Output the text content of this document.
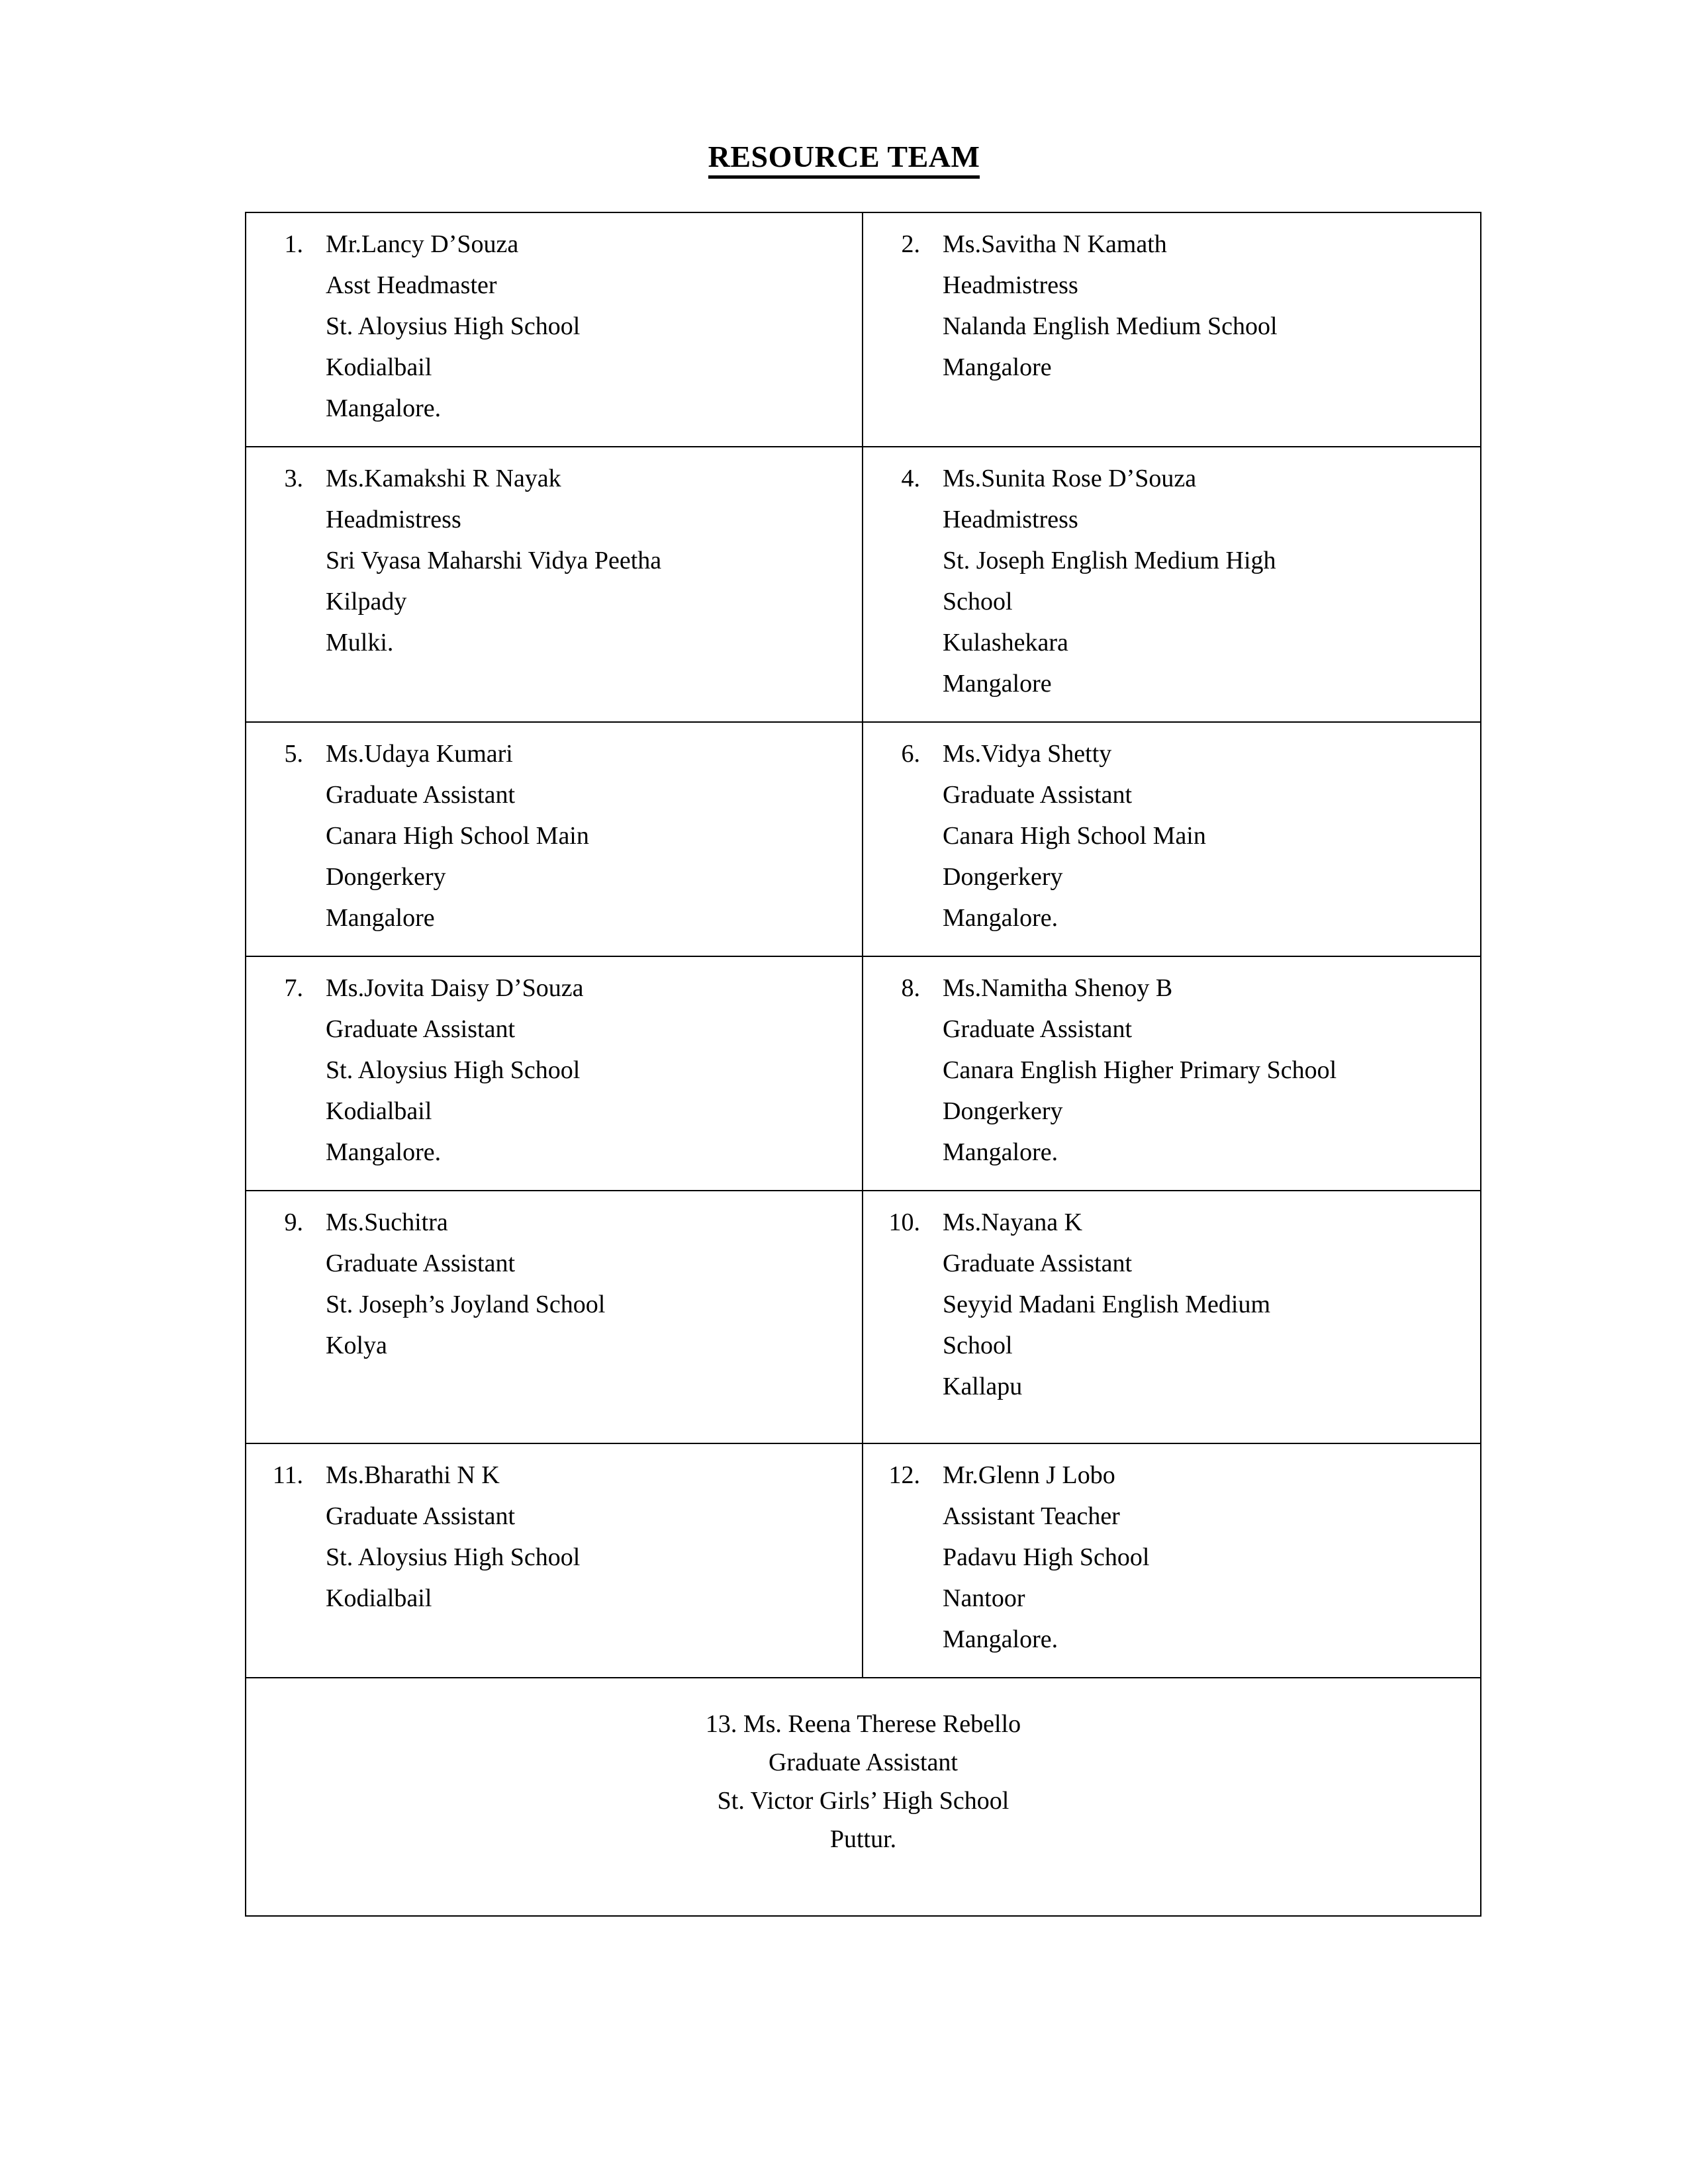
RESOURCE TEAM
1. Mr.Lancy D’Souza
Asst Headmaster
St. Aloysius High School
Kodialbail
Mangalore.

2. Ms.Savitha N Kamath
Headmistress
Nalanda English Medium School
Mangalore

3. Ms.Kamakshi R Nayak
Headmistress
Sri Vyasa Maharshi Vidya Peetha
Kilpady
Mulki.

4. Ms.Sunita Rose D’Souza
Headmistress
St. Joseph English Medium High
School
Kulashekara
Mangalore

5. Ms.Udaya Kumari
Graduate Assistant
Canara High School Main
Dongerkery
Mangalore

6. Ms.Vidya Shetty
Graduate Assistant
Canara High School Main
Dongerkery
Mangalore.

7. Ms.Jovita Daisy D’Souza
Graduate Assistant
St. Aloysius High School
Kodialbail
Mangalore.

8. Ms.Namitha Shenoy B
Graduate Assistant
Canara English Higher Primary School
Dongerkery
Mangalore.

9. Ms.Suchitra
Graduate Assistant
St. Joseph’s Joyland School
Kolya

10. Ms.Nayana K
Graduate Assistant
Seyyid Madani English Medium
School
Kallapu

11. Ms.Bharathi N K
Graduate Assistant
St. Aloysius High School
Kodialbail

12. Mr.Glenn J Lobo
Assistant Teacher
Padavu High School
Nantoor
Mangalore.

13. Ms. Reena Therese Rebello
Graduate Assistant
St. Victor Girls’ High School
Puttur.	
